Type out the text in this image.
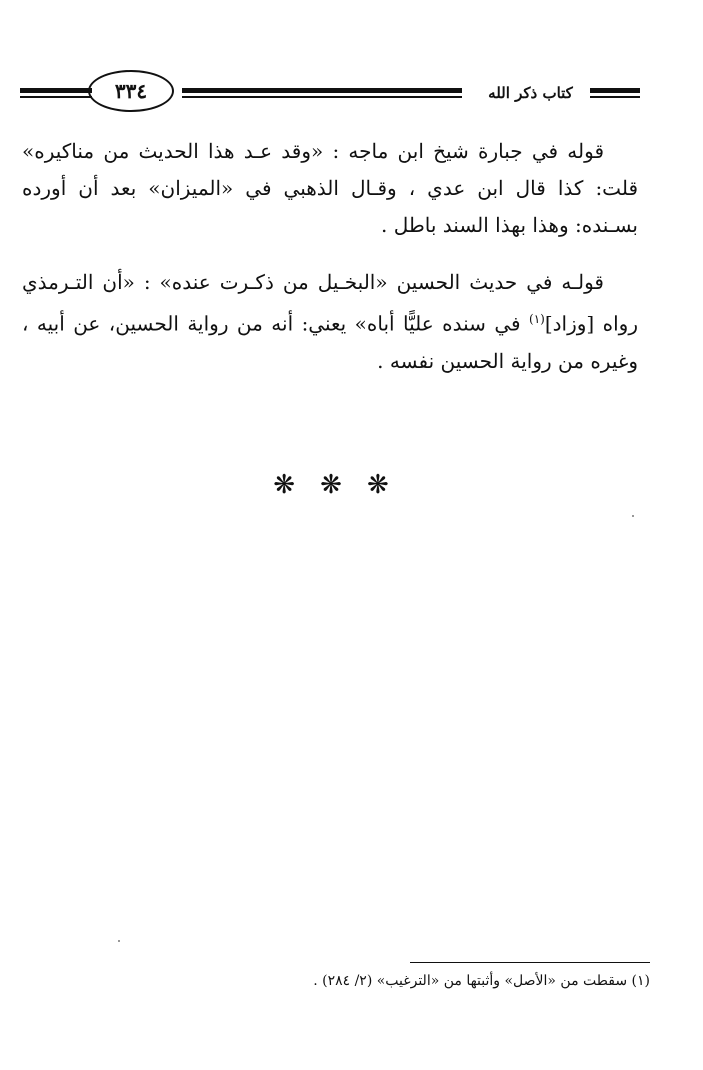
٣٣٤	كتاب ذكر الله

قوله في جبارة شيخ ابن ماجه : «وقد عـد هذا الحديث من مناكيره» قلت: كذا قال ابن عدي ، وقـال الذهبي في «الميزان» بعد أن أورده بسـنده: وهذا بهذا السند باطل .

قولـه في حديث الحسين «البخـيل من ذكـرت عنده» : «أن التـرمذي رواه [وزاد]$^{(١)}$ في سنده عليًّا أباه» يعني: أنه من رواية الحسين، عن أبيه ، وغيره من رواية الحسين نفسه .

❋ ❋ ❋
(١) سقطت من «الأصل» وأثبتها من «الترغيب» (٢/ ٢٨٤) .
